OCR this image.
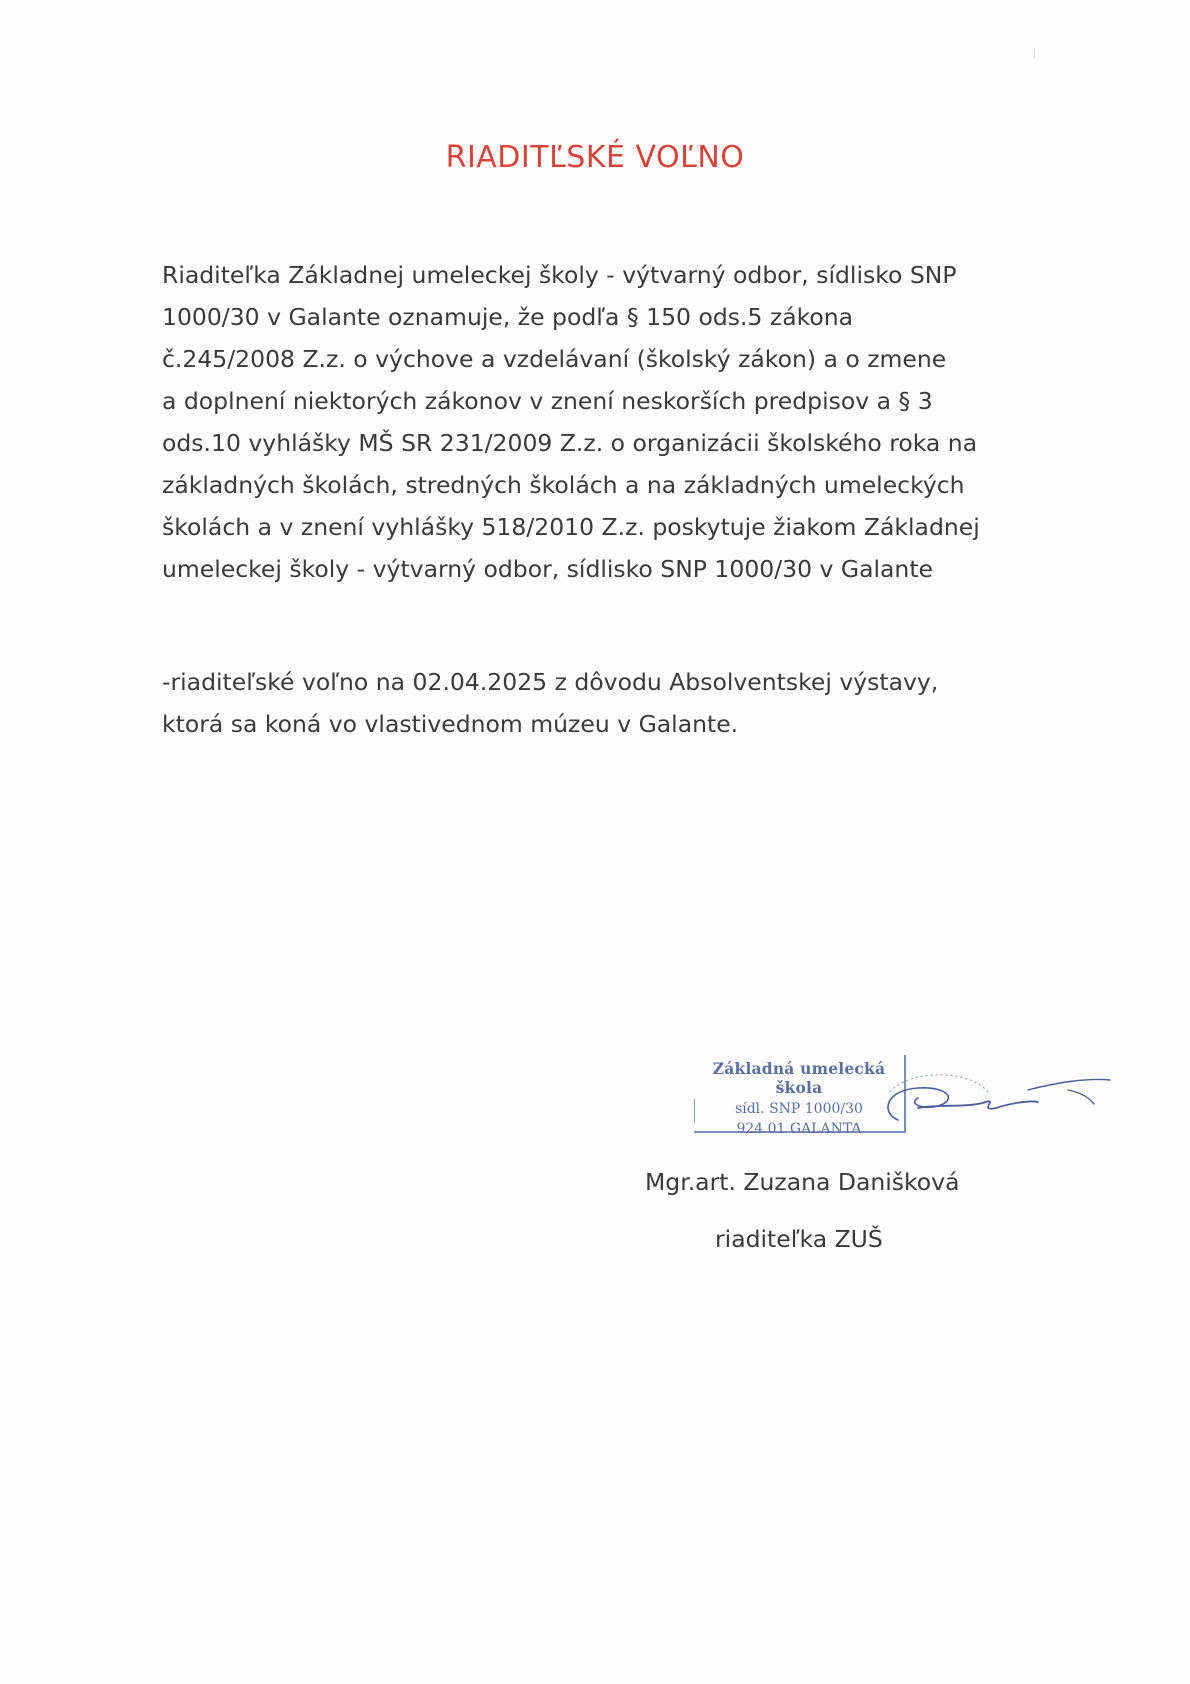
RIADITĽSKÉ VOĽNO
Riaditeľka Základnej umeleckej školy - výtvarný odbor, sídlisko SNP
1000/30 v Galante oznamuje, že podľa § 150 ods.5 zákona
č.245/2008 Z.z. o výchove a vzdelávaní (školský zákon) a o zmene
a doplnení niektorých zákonov v znení neskorších predpisov a § 3
ods.10 vyhlášky MŠ SR 231/2009 Z.z. o organizácii školského roka na
základných školách, stredných školách a na základných umeleckých
školách a v znení vyhlášky 518/2010 Z.z. poskytuje žiakom Základnej
umeleckej školy - výtvarný odbor, sídlisko SNP 1000/30 v Galante
-riaditeľské voľno na 02.04.2025 z dôvodu Absolventskej výstavy,
ktorá sa koná vo vlastivednom múzeu v Galante.
Základná umelecká škola
sídl. SNP 1000/30
924 01 GALANTA
Mgr.art. Zuzana Danišková
riaditeľka ZUŠ
